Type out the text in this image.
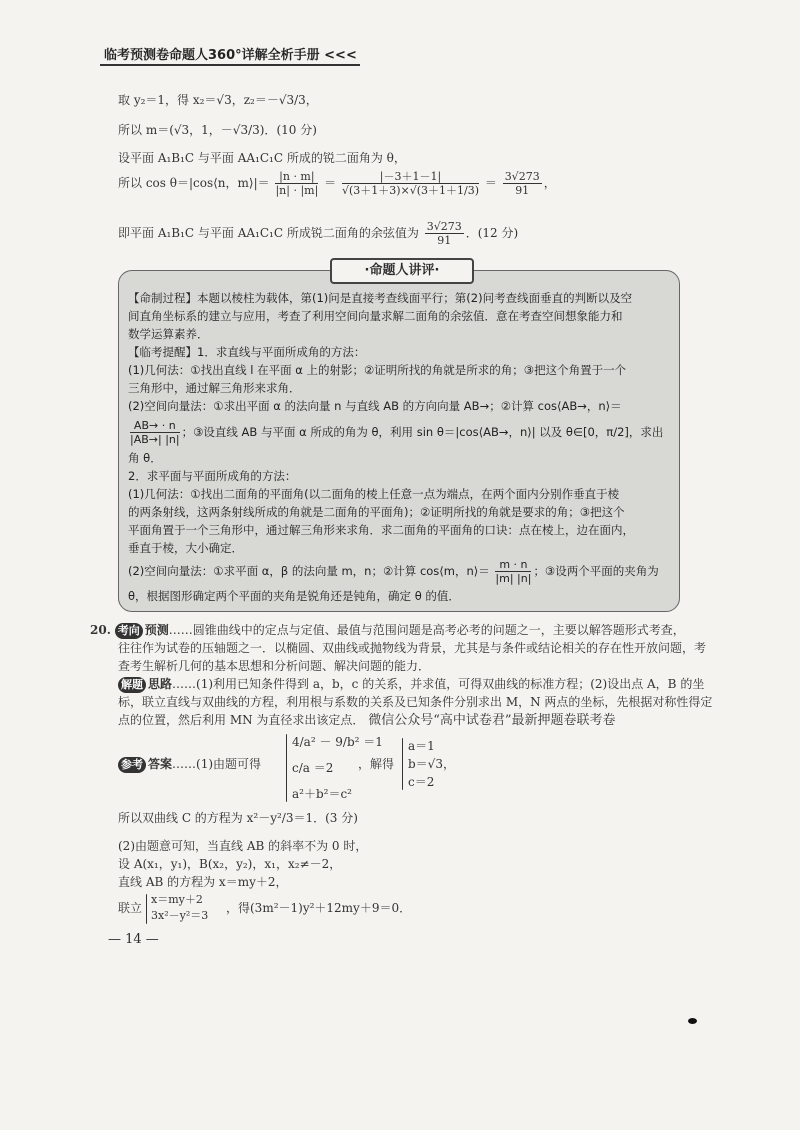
临考预测卷命题人360°详解全析手册 <<<
取 y₂＝1，得 x₂＝√3，z₂＝－√3/3，
所以 m＝(√3，1，－√3/3)．(10 分)
设平面 A₁B₁C 与平面 AA₁C₁C 所成的锐二面角为 θ，
所以 cos θ＝|cos⟨n，m⟩|＝ $\frac{|n \cdot m|}{|n| \cdot |m|} = \frac{|-3+1-1|}{√(3+1+3)\times√(3+1+1/3)} = \frac{3√273}{91}$ ，
即平面 A₁B₁C 与平面 AA₁C₁C 所成锐二面角的余弦值为 $\frac{3√273}{91}$ ．(12 分)
·命题人讲评·
【命制过程】本题以棱柱为载体，第(1)问是直接考查线面平行；第(2)问考查线面垂直的判断以及空
间直角坐标系的建立与应用，考查了利用空间向量求解二面角的余弦值．意在考查空间想象能力和
数学运算素养．
【临考提醒】1．求直线与平面所成角的方法：
(1)几何法：①找出直线 l 在平面 α 上的射影；②证明所找的角就是所求的角；③把这个角置于一个
三角形中，通过解三角形来求角．
(2)空间向量法：①求出平面 α 的法向量 n 与直线 AB 的方向向量 AB→；②计算 cos⟨AB→，n⟩＝
$\frac{AB\to \cdot n}{|AB\to| |n|}$ ；③设直线 AB 与平面 α 所成的角为 θ，利用 sin θ＝|cos⟨AB→，n⟩| 以及 θ∈[0，π/2]，求出
角 θ．
2．求平面与平面所成角的方法：
(1)几何法：①找出二面角的平面角(以二面角的棱上任意一点为端点，在两个面内分别作垂直于棱
的两条射线，这两条射线所成的角就是二面角的平面角)；②证明所找的角就是要求的角；③把这个
平面角置于一个三角形中，通过解三角形来求角．求二面角的平面角的口诀：点在棱上，边在面内，
垂直于棱，大小确定．
(2)空间向量法：①求平面 α，β 的法向量 m，n；②计算 cos⟨m，n⟩＝ $\frac{m \cdot n}{|m| |n|}$ ；③设两个平面的夹角为
θ，根据图形确定两个平面的夹角是锐角还是钝角，确定 θ 的值．
20. 考向 预测……圆锥曲线中的定点与定值、最值与范围问题是高考必考的问题之一，主要以解答题形式考查，
往往作为试卷的压轴题之一．以椭圆、双曲线或抛物线为背景，尤其是与条件或结论相关的存在性开放问题，考
查考生解析几何的基本思想和分析问题、解决问题的能力．
解题 思路……(1)利用已知条件得到 a，b，c 的关系，并求值，可得双曲线的标准方程；(2)设出点 A，B 的坐
标，联立直线与双曲线的方程，利用根与系数的关系及已知条件分别求出 M，N 两点的坐标，先根据对称性得定
点的位置，然后利用 MN 为直径求出该定点． 微信公众号“高中试卷君”最新押题卷联考卷
参考 答案……(1)由题可得
4/a² － 9/b² ＝1
c/a ＝2
a²＋b²＝c²
，解得
a＝1
b＝√3，
c＝2
所以双曲线 C 的方程为 x²－y²/3＝1．(3 分)
(2)由题意可知，当直线 AB 的斜率不为 0 时，
设 A(x₁，y₁)，B(x₂，y₂)，x₁，x₂≠－2，
直线 AB 的方程为 x＝my＋2，
联立
x＝my＋2
3x²－y²＝3
，得(3m²－1)y²＋12my＋9＝0．
— 14 —
